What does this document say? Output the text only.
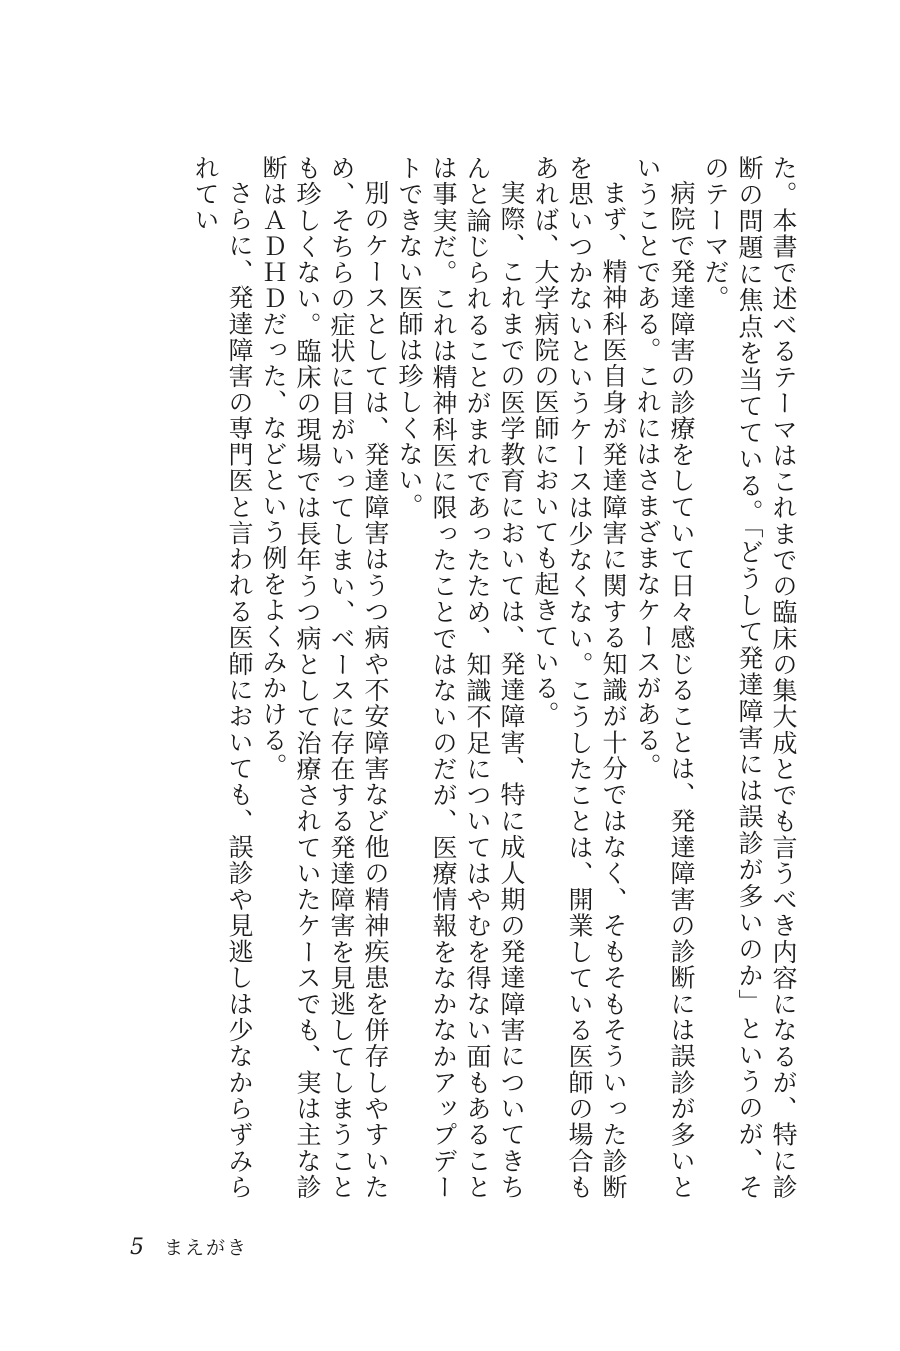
た。本書で述べるテーマはこれまでの臨床の集大成とでも言うべき内容になるが、特に診断の問題に焦点を当てている。「どうして発達障害には誤診が多いのか」というのが、そのテーマだ。

病院で発達障害の診療をしていて日々感じることは、発達障害の診断には誤診が多いということである。これにはさまざまなケースがある。

まず、精神科医自身が発達障害に関する知識が十分ではなく、そもそもそういった診断を思いつかないというケースは少なくない。こうしたことは、開業している医師の場合もあれば、大学病院の医師においても起きている。

実際、これまでの医学教育においては、発達障害、特に成人期の発達障害についてきちんと論じられることがまれであったため、知識不足についてはやむを得ない面もあることは事実だ。これは精神科医に限ったことではないのだが、医療情報をなかなかアップデートできない医師は珍しくない。

別のケースとしては、発達障害はうつ病や不安障害など他の精神疾患を併存しやすいため、そちらの症状に目がいってしまい、ベースに存在する発達障害を見逃してしまうことも珍しくない。臨床の現場では長年うつ病として治療されていたケースでも、実は主な診断はＡＤＨＤだった、などという例をよくみかける。

さらに、発達障害の専門医と言われる医師においても、誤診や見逃しは少なからずみられてい

5 まえがき
